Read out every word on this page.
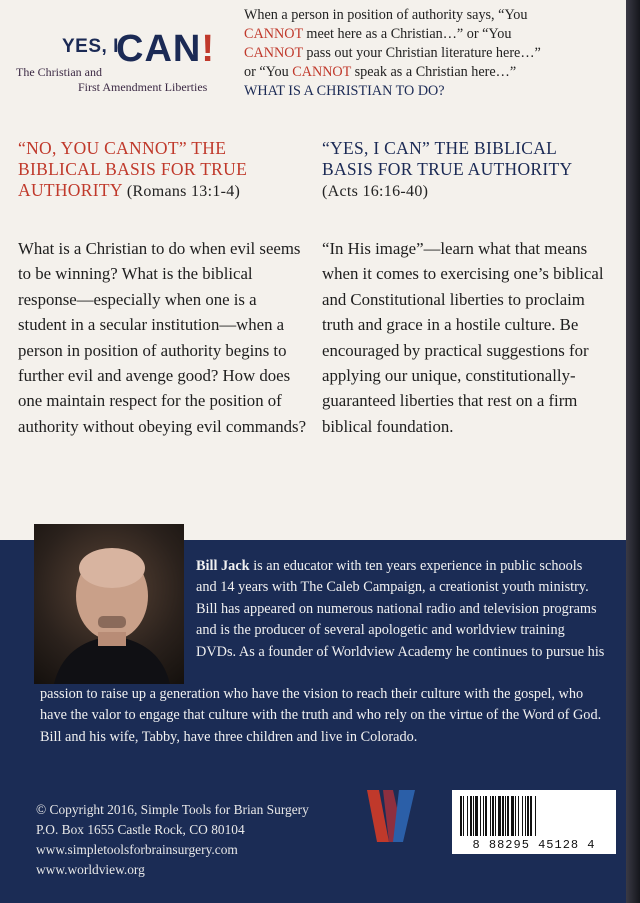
YES, I
CAN!
The Christian and
First Amendment Liberties

When a person in position of authority says, “You
CANNOT meet here as a Christian…” or “You

CANNOT pass out your Christian literature here…”

or “You CANNOT speak as a Christian here…”

WHAT IS A CHRISTIAN TO DO?

“NO, YOU CANNOT” THE BIBLICAL BASIS FOR TRUE AUTHORITY (Romans 13:1-4)
“YES, I CAN” THE BIBLICAL BASIS FOR TRUE AUTHORITY (Acts 16:16-40)
What is a Christian to do when evil seems to be winning? What is the biblical response—especially when one is a student in a secular institution—when a person in position of authority begins to further evil and avenge good? How does one maintain respect for the position of authority without obeying evil commands?
“In His image”—learn what that means when it comes to exercising one’s biblical and Constitutional liberties to proclaim truth and grace in a hostile culture. Be encouraged by practical suggestions for applying our unique, constitutionally-guaranteed liberties that rest on a firm biblical foundation.
Bill Jack is an educator with ten years experience in public schools and 14 years with The Caleb Campaign, a creationist youth ministry. Bill has appeared on numerous national radio and television programs and is the producer of several apologetic and worldview training DVDs. As a founder of Worldview Academy he continues to pursue his
passion to raise up a generation who have the vision to reach their culture with the gospel, who have the valor to engage that culture with the truth and who rely on the virtue of the Word of God. Bill and his wife, Tabby, have three children and live in Colorado.
© Copyright 2016, Simple Tools for Brian Surgery
P.O. Box 1655 Castle Rock, CO 80104
www.simpletoolsforbrainsurgery.com
www.worldview.org
8 88295 45128 4
